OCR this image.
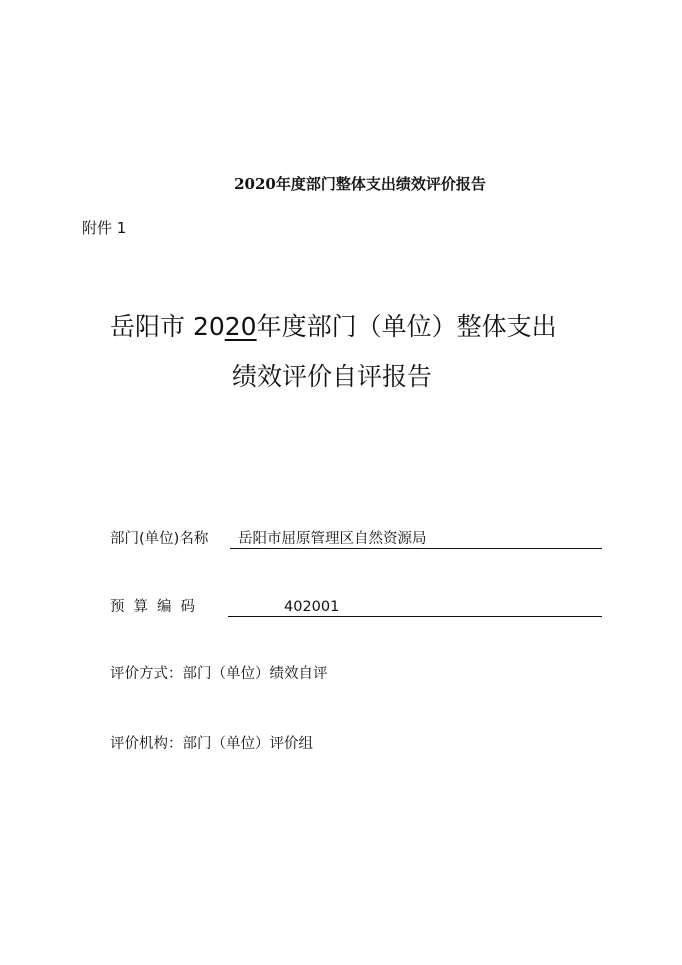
2020年度部门整体支出绩效评价报告
附件 1
岳阳市 2020年度部门（单位）整体支出
绩效评价自评报告
部门(单位)名称	岳阳市屈原管理区自然资源局
预算编码	402001
评价方式：部门（单位）绩效自评
评价机构：部门（单位）评价组
